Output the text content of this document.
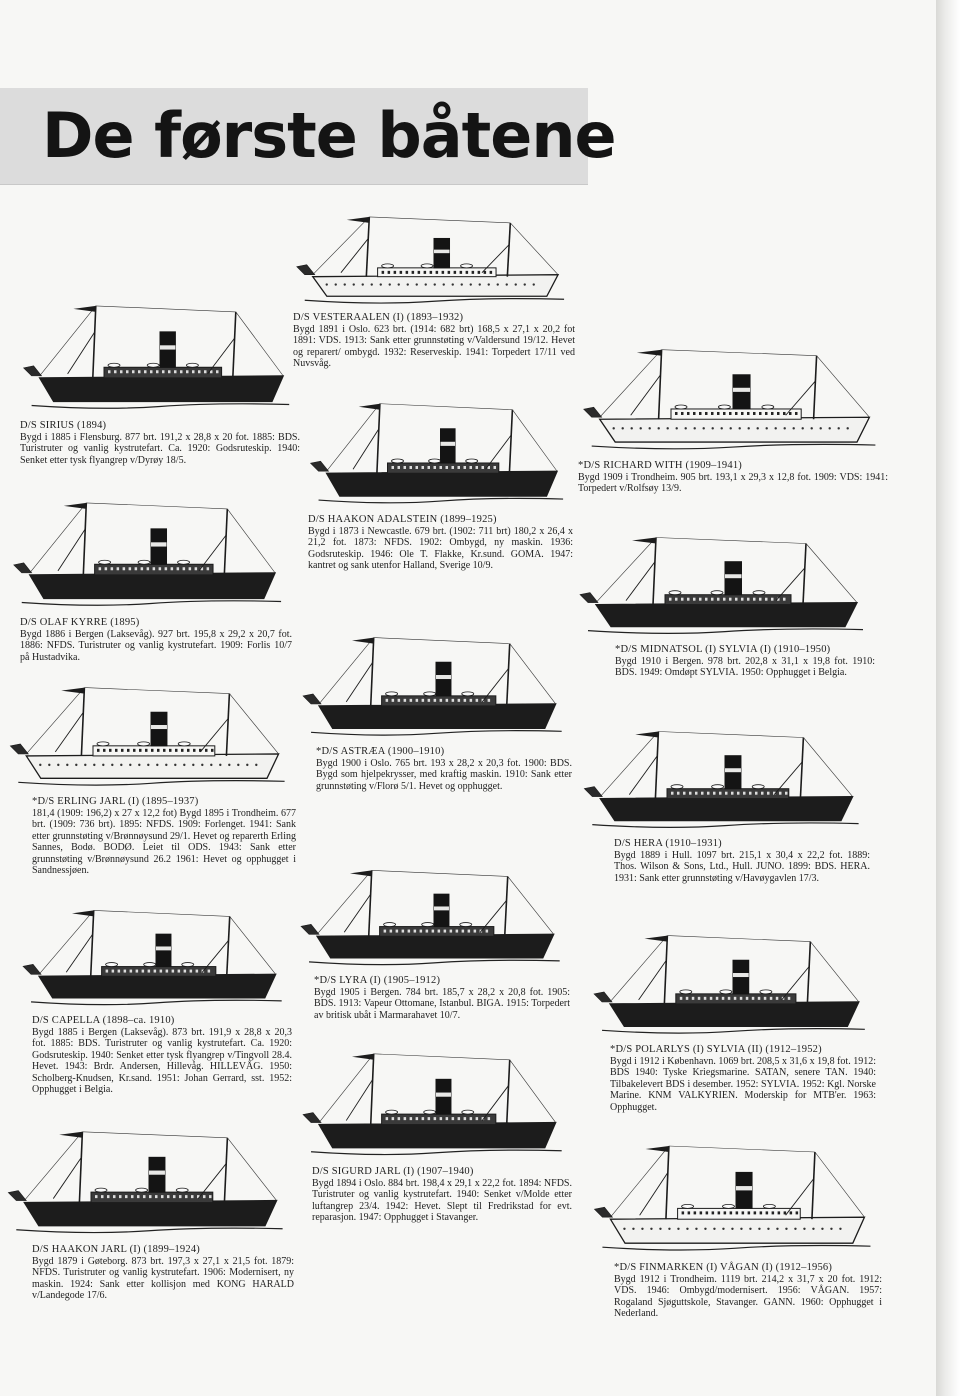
De første båtene
D/S VESTERAALEN (I) (1893–1932)
Bygd 1891 i Oslo. 623 brt. (1914: 682 brt) 168,5 x 27,1 x 20,2 fot 1891: VDS. 1913: Sank etter grunnstøting v/Valdersund 19/12. Hevet og reparert/ ombygd. 1932: Reserveskip. 1941: Torpedert 17/11 ved Nuvsvåg.
D/S SIRIUS (1894)
Bygd i 1885 i Flensburg. 877 brt. 191,2 x 28,8 x 20 fot. 1885: BDS. Turistruter og vanlig kystrutefart. Ca. 1920: Godsruteskip. 1940: Senket etter tysk flyangrep v/Dyrøy 18/5.	*D/S RICHARD WITH (1909–1941)
Bygd 1909 i Trondheim. 905 brt. 193,1 x 29,3 x 12,8 fot. 1909: VDS: 1941: Torpedert v/Rolfsøy 13/9.
D/S HAAKON ADALSTEIN (1899–1925)
Bygd i 1873 i Newcastle. 679 brt. (1902: 711 brt) 180,2 x 26,4 x 21,2 fot. 1873: NFDS. 1902: Ombygd, ny maskin. 1936: Godsruteskip. 1946: Ole T. Flakke, Kr.sund. GOMA. 1947: kantret og sank utenfor Halland, Sverige 10/9.
D/S OLAF KYRRE (1895)
Bygd 1886 i Bergen (Laksevåg). 927 brt. 195,8 x 29,2 x 20,7 fot. 1886: NFDS. Turistruter og vanlig kystrutefart. 1909: Forlis 10/7 på Hustadvika.
*D/S MIDNATSOL (I) SYLVIA (I) (1910–1950)
Bygd 1910 i Bergen. 978 brt. 202,8 x 31,1 x 19,8 fot. 1910: BDS. 1949: Omdøpt SYLVIA. 1950: Opphugget i Belgia.
*D/S ASTRÆA (1900–1910)
Bygd 1900 i Oslo. 765 brt. 193 x 28,2 x 20,3 fot. 1900: BDS. Bygd som hjelpekrysser, med kraftig maskin. 1910: Sank etter grunnstøting v/Florø 5/1. Hevet og opphugget.
*D/S ERLING JARL (I) (1895–1937)
181,4 (1909: 196,2) x 27 x 12,2 fot) Bygd 1895 i Trondheim. 677 brt. (1909: 736 brt). 1895: NFDS. 1909: Forlenget. 1941: Sank etter grunnstøting v/Brønnøysund 29/1. Hevet og reparerth Erling Sannes, Bodø. BODØ. Leiet til ODS. 1943: Sank etter grunnstøting v/Brønnøysund 26.2 1961: Hevet og opphugget i Sandnessjøen.
D/S HERA (1910–1931)
Bygd 1889 i Hull. 1097 brt. 215,1 x 30,4 x 22,2 fot. 1889: Thos. Wilson & Sons, Ltd., Hull. JUNO. 1899: BDS. HERA. 1931: Sank etter grunnstøting v/Havøygavlen 17/3.
*D/S LYRA (I) (1905–1912)
Bygd 1905 i Bergen. 784 brt. 185,7 x 28,2 x 20,8 fot. 1905: BDS. 1913: Vapeur Ottomane, Istanbul. BIGA. 1915: Torpedert av britisk ubåt i Marmarahavet 10/7.
D/S CAPELLA (1898–ca. 1910)
Bygd 1885 i Bergen (Laksevåg). 873 brt. 191,9 x 28,8 x 20,3 fot. 1885: BDS. Turistruter og vanlig kystrutefart. Ca. 1920: Godsruteskip. 1940: Senket etter tysk flyangrep v/Tingvoll 28.4. Hevet. 1943: Brdr. Andersen, Hillevåg. HILLEVÅG. 1950: Scholberg-Knudsen, Kr.sand. 1951: Johan Gerrard, sst. 1952: Opphugget i Belgia.
*D/S POLARLYS (I) SYLVIA (II) (1912–1952)
Bygd i 1912 i København. 1069 brt. 208,5 x 31,6 x 19,8 fot. 1912: BDS 1940: Tyske Kriegsmarine. SATAN, senere TAN. 1940: Tilbakelevert BDS i desember. 1952: SYLVIA. 1952: Kgl. Norske Marine. KNM VALKYRIEN. Moderskip for MTB'er. 1963: Opphugget.
D/S SIGURD JARL (I) (1907–1940)
Bygd 1894 i Oslo. 884 brt. 198,4 x 29,1 x 22,2 fot. 1894: NFDS. Turistruter og vanlig kystrutefart. 1940: Senket v/Molde etter luftangrep 23/4. 1942: Hevet. Slept til Fredrikstad for evt. reparasjon. 1947: Opphugget i Stavanger.
D/S HAAKON JARL (I) (1899–1924)
Bygd 1879 i Gøteborg. 873 brt. 197,3 x 27,1 x 21,5 fot. 1879: NFDS. Turistruter og vanlig kystrutefart. 1906: Modernisert, ny maskin. 1924: Sank etter kollisjon med KONG HARALD v/Landegode 17/6.
*D/S FINMARKEN (I) VÅGAN (I) (1912–1956)
Bygd 1912 i Trondheim. 1119 brt. 214,2 x 31,7 x 20 fot. 1912: VDS. 1946: Ombygd/modernisert. 1956: VÅGAN. 1957: Rogaland Sjøguttskole, Stavanger. GANN. 1960: Opphugget i Nederland.
